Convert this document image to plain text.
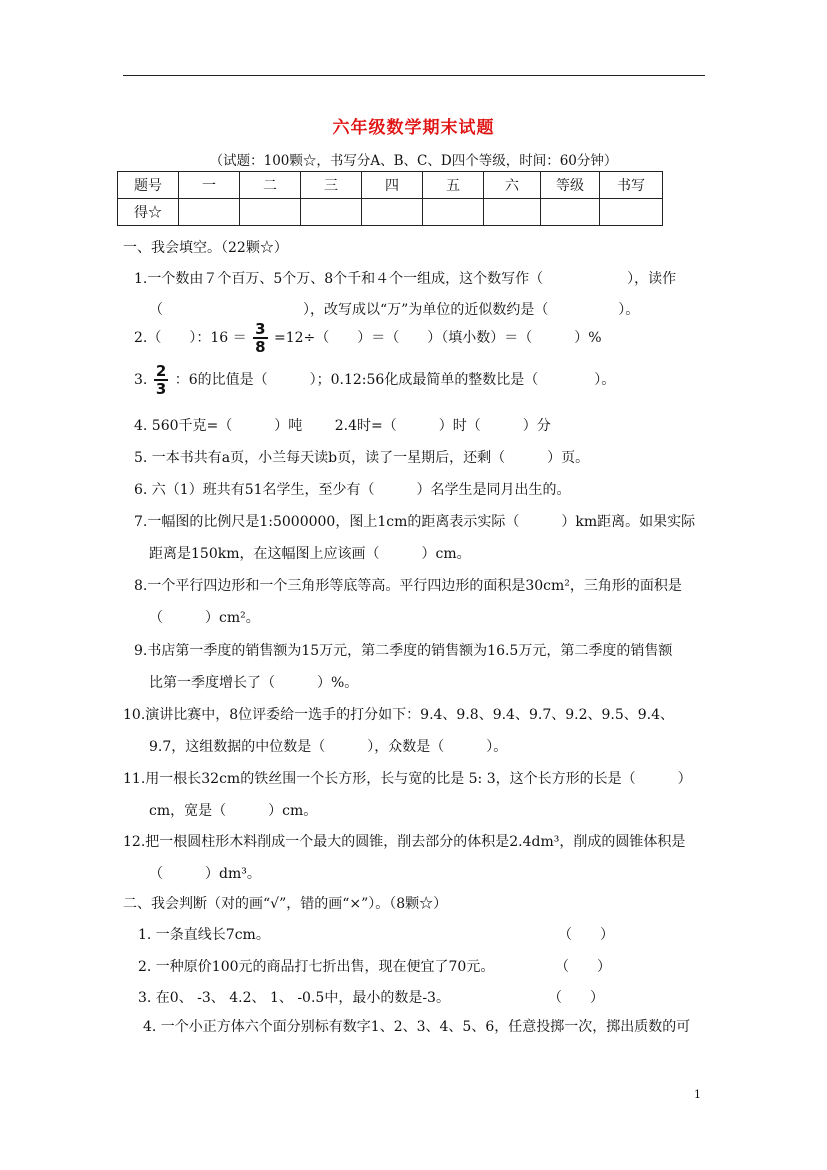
六年级数学期末试题
（试题：100颗☆，书写分A、B、C、D四个等级，时间：60分钟）
题号	一	二	三	四	五	六	等级	书写
得☆								
一、我会填空。（22颗☆）
1.一个数由７个百万、5个万、8个千和４个一组成，这个数写作（　　　　　　），读作
（　　　　　　　　　　），改写成以“万”为单位的近似数约是（　　　　　）。
2.（　　）：$16 = \frac{3}{8} =12\div$（　　）＝（　　）（填小数）＝（　　　）%
3. $\frac{2}{3}$ ：6的比值是（　　　）；0.12:56化成最简单的整数比是（　　　　）。
4. 560千克=（　　　）吨　　 2.4时=（　　　）时（　　　）分
5. 一本书共有a页，小兰每天读b页，读了一星期后，还剩（　　　）页。
6. 六（1）班共有51名学生，至少有（　　　）名学生是同月出生的。
7.一幅图的比例尺是1:5000000，图上1cm的距离表示实际（　　　）km距离。如果实际
距离是150km，在这幅图上应该画（　　　）cm。
8.一个平行四边形和一个三角形等底等高。平行四边形的面积是30cm²，三角形的面积是
（　　　）cm²。
9.书店第一季度的销售额为15万元，第二季度的销售额为16.5万元，第二季度的销售额
比第一季度增长了（　　　）%。
10.演讲比赛中，8位评委给一选手的打分如下：9.4、9.8、9.4、9.7、9.2、9.5、9.4、
9.7，这组数据的中位数是（　　　），众数是（　　　）。
11.用一根长32cm的铁丝围一个长方形，长与宽的比是 5: 3，这个长方形的长是（　　　）
cm，宽是（　　　）cm。
12.把一根圆柱形木料削成一个最大的圆锥，削去部分的体积是2.4dm³，削成的圆锥体积是
（　　　）dm³。
二、我会判断（对的画“√”，错的画“×”）。（8颗☆）
1. 一条直线长7cm。	（　　）
2. 一种原价100元的商品打七折出售，现在便宜了70元。	（　　）
3. 在0、 -3、 4.2、 1、 -0.5中，最小的数是-3。	（　　）
4. 一个小正方体六个面分别标有数字1、2、3、4、5、6，任意投掷一次，掷出质数的可
1
